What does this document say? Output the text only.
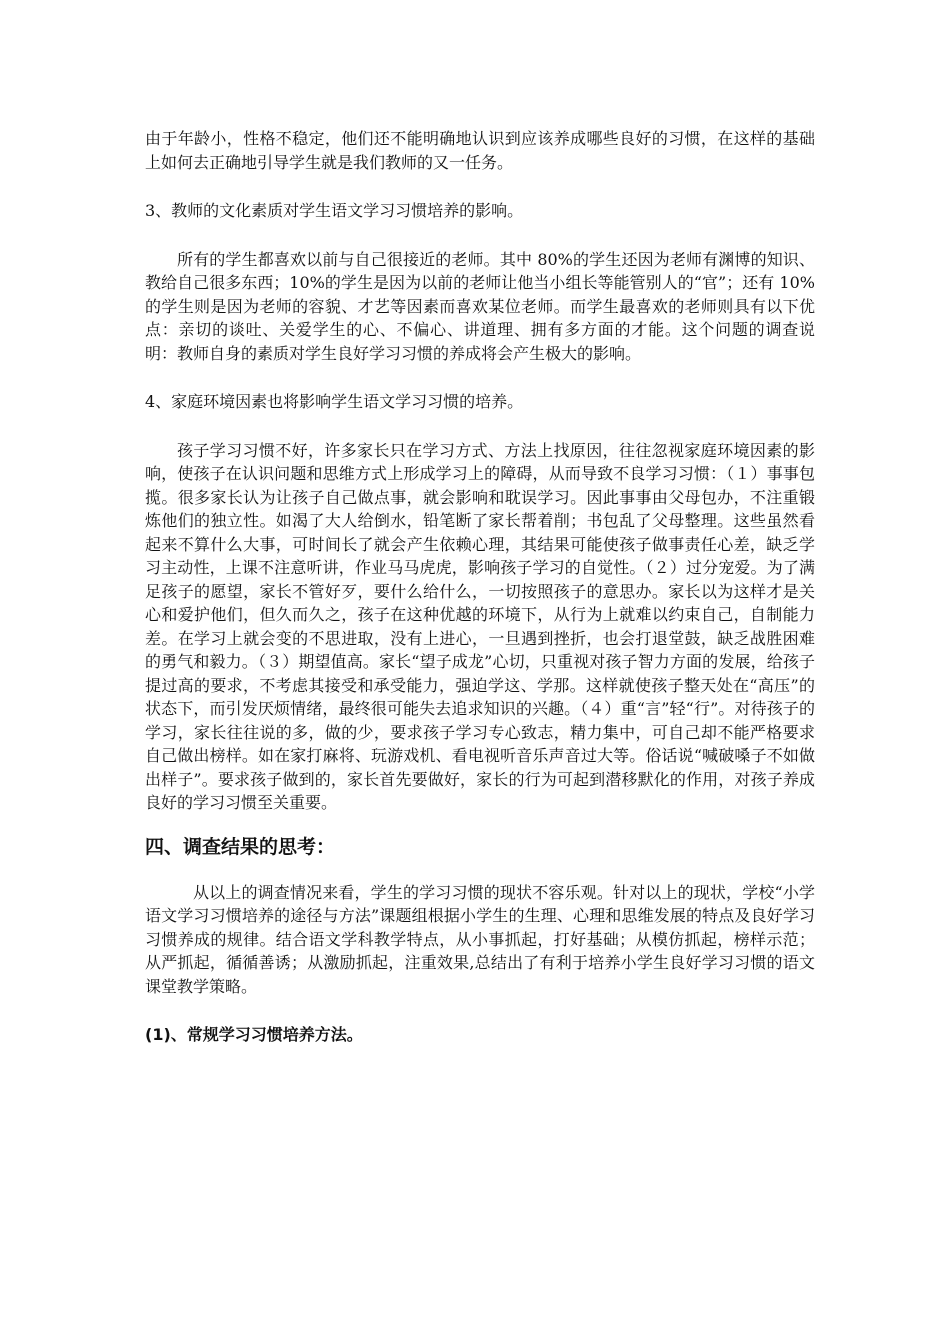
由于年龄小，性格不稳定，他们还不能明确地认识到应该养成哪些良好的习惯，在这样的基础上如何去正确地引导学生就是我们教师的又一任务。

3、教师的文化素质对学生语文学习习惯培养的影响。

所有的学生都喜欢以前与自己很接近的老师。其中 80%的学生还因为老师有渊博的知识、教给自己很多东西；10%的学生是因为以前的老师让他当小组长等能管别人的“官”；还有 10%的学生则是因为老师的容貌、才艺等因素而喜欢某位老师。而学生最喜欢的老师则具有以下优点：亲切的谈吐、关爱学生的心、不偏心、讲道理、拥有多方面的才能。这个问题的调查说明：教师自身的素质对学生良好学习习惯的养成将会产生极大的影响。

4、家庭环境因素也将影响学生语文学习习惯的培养。

孩子学习习惯不好，许多家长只在学习方式、方法上找原因，往往忽视家庭环境因素的影响，使孩子在认识问题和思维方式上形成学习上的障碍，从而导致不良学习习惯：（１）事事包揽。很多家长认为让孩子自己做点事，就会影响和耽误学习。因此事事由父母包办，不注重锻炼他们的独立性。如渴了大人给倒水，铅笔断了家长帮着削；书包乱了父母整理。这些虽然看起来不算什么大事，可时间长了就会产生依赖心理，其结果可能使孩子做事责任心差，缺乏学习主动性，上课不注意听讲，作业马马虎虎，影响孩子学习的自觉性。（２）过分宠爱。为了满足孩子的愿望，家长不管好歹，要什么给什么，一切按照孩子的意思办。家长以为这样才是关心和爱护他们，但久而久之，孩子在这种优越的环境下，从行为上就难以约束自己，自制能力差。在学习上就会变的不思进取，没有上进心，一旦遇到挫折，也会打退堂鼓，缺乏战胜困难的勇气和毅力。（３）期望值高。家长“望子成龙”心切，只重视对孩子智力方面的发展，给孩子提过高的要求，不考虑其接受和承受能力，强迫学这、学那。这样就使孩子整天处在“高压”的状态下，而引发厌烦情绪，最终很可能失去追求知识的兴趣。（４）重“言”轻“行”。对待孩子的学习，家长往往说的多，做的少，要求孩子学习专心致志，精力集中，可自己却不能严格要求自己做出榜样。如在家打麻将、玩游戏机、看电视听音乐声音过大等。俗话说“喊破嗓子不如做出样子”。要求孩子做到的，家长首先要做好，家长的行为可起到潜移默化的作用，对孩子养成良好的学习习惯至关重要。

四、调查结果的思考：

从以上的调查情况来看，学生的学习习惯的现状不容乐观。针对以上的现状，学校“小学语文学习习惯培养的途径与方法”课题组根据小学生的生理、心理和思维发展的特点及良好学习习惯养成的规律。结合语文学科教学特点，从小事抓起，打好基础；从模仿抓起，榜样示范；从严抓起，循循善诱；从激励抓起，注重效果,总结出了有利于培养小学生良好学习习惯的语文课堂教学策略。

(1)、常规学习习惯培养方法。
